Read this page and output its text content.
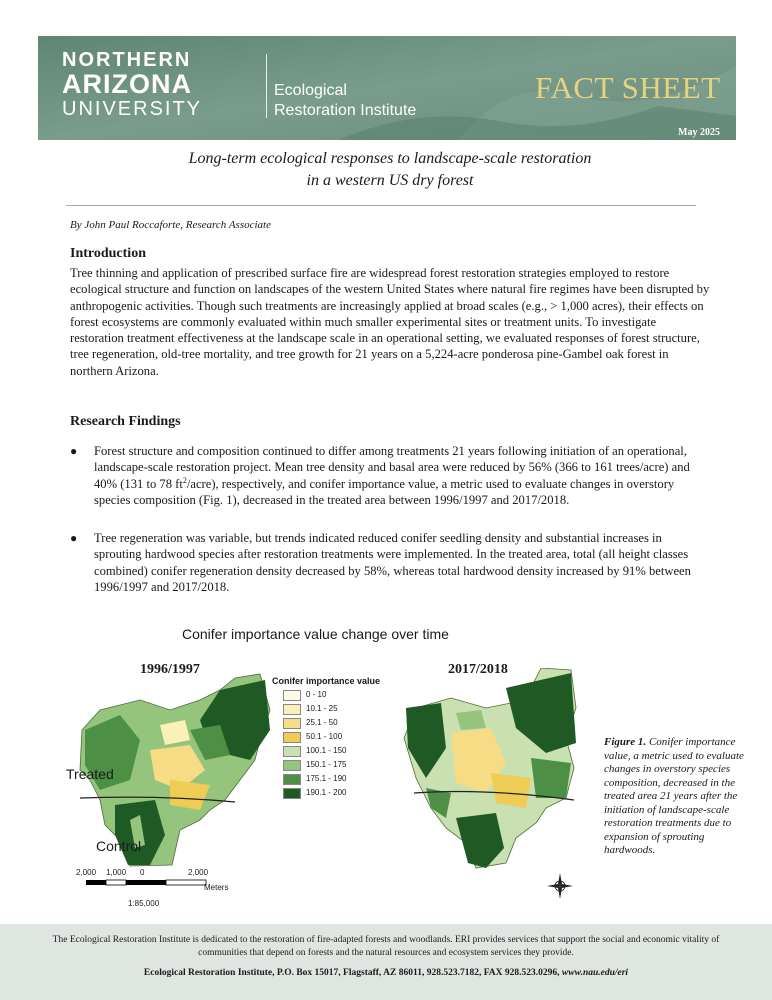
NORTHERN
ARIZONA
UNIVERSITY
Ecological
Restoration Institute
FACT SHEET
May 2025
Long-term ecological responses to landscape-scale restoration
in a western US dry forest
By John Paul Roccaforte, Research Associate
Introduction
Tree thinning and application of prescribed surface fire are widespread forest restoration strategies employed to restore ecological structure and function on landscapes of the western United States where natural fire regimes have been disrupted by anthropogenic activities. Though such treatments are increasingly applied at broad scales (e.g., > 1,000 acres), their effects on forest ecosystems are commonly evaluated within much smaller experimental sites or treatment units. To investigate restoration treatment effectiveness at the landscape scale in an operational setting, we evaluated responses of forest structure, tree regeneration, old-tree mortality, and tree growth for 21 years on a 5,224-acre ponderosa pine-Gambel oak forest in northern Arizona.
Research Findings
● Forest structure and composition continued to differ among treatments 21 years following initiation of an operational, landscape-scale restoration project. Mean tree density and basal area were reduced by 56% (366 to 161 trees/acre) and 40% (131 to 78 $ft^2/acre$), respectively, and conifer importance value, a metric used to evaluate changes in overstory species composition (Fig. 1), decreased in the treated area between 1996/1997 and 2017/2018.
● Tree regeneration was variable, but trends indicated reduced conifer seedling density and substantial increases in sprouting hardwood species after restoration treatments were implemented. In the treated area, total (all height classes combined) conifer regeneration density decreased by 58%, whereas total hardwood density increased by 91% between 1996/1997 and 2017/2018.
Conifer importance value change over time
1996/1997	2017/2018
Conifer importance value
0 - 10
10.1 - 25
25.1 - 50
50.1 - 100
100.1 - 150
150.1 - 175
175.1 - 190
190.1 - 200
Treated
Control
2,000 1,000 0	2,000
Meters
1:85,000
Figure 1. Conifer importance value, a metric used to evaluate changes in overstory species composition, decreased in the treated area 21 years after the initiation of landscape-scale restoration treatments due to expansion of sprouting hardwoods.
The Ecological Restoration Institute is dedicated to the restoration of fire-adapted forests and woodlands. ERI provides services that support the social and economic vitality of communities that depend on forests and the natural resources and ecosystem services they provide.
Ecological Restoration Institute, P.O. Box 15017, Flagstaff, AZ 86011, 928.523.7182, FAX 928.523.0296, www.nau.edu/eri
